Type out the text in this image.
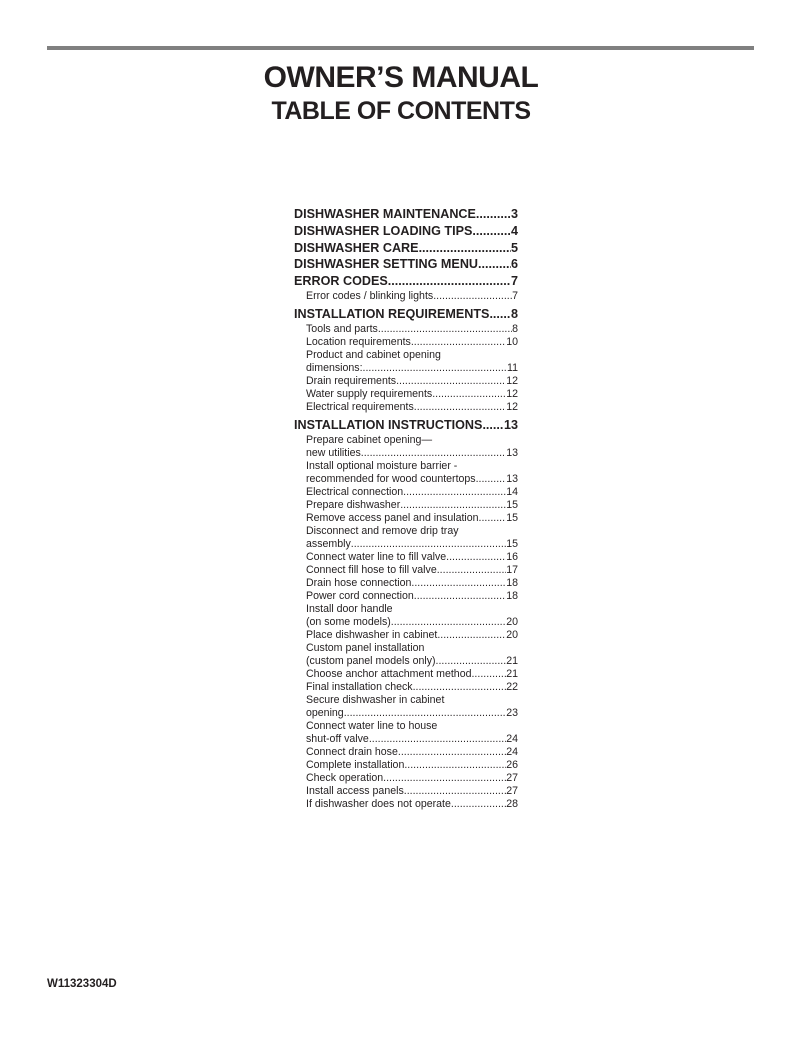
OWNER’S MANUAL
TABLE OF CONTENTS
DISHWASHER MAINTENANCE .....	3
DISHWASHER LOADING TIPS .....	4
DISHWASHER CARE .....	5
DISHWASHER SETTING MENU .....	6
ERROR CODES .....	7
Error codes / blinking lights .....	7
INSTALLATION REQUIREMENTS ..... 8
Tools and parts .....	8
Location requirements .....	10
Product and cabinet opening
dimensions: .....	11
Drain requirements .....	12
Water supply requirements .....	12
Electrical requirements .....	12
INSTALLATION INSTRUCTIONS ..... 13
Prepare cabinet opening—
new utilities .....	13
Install optional moisture barrier -
recommended for wood countertops .....	13
Electrical connection .....	14
Prepare dishwasher .....	15
Remove access panel and insulation .....	15
Disconnect and remove drip tray
assembly .....	15
Connect water line to fill valve .....	16
Connect fill hose to fill valve .....	17
Drain hose connection .....	18
Power cord connection .....	18
Install door handle
(on some models) .....	20
Place dishwasher in cabinet .....	20
Custom panel installation
(custom panel models only) .....	21
Choose anchor attachment method .....	21
Final installation check .....	22
Secure dishwasher in cabinet
opening .....	23
Connect water line to house
shut-off valve .....	24
Connect drain hose .....	24
Complete installation .....	26
Check operation .....	27
Install access panels .....	27
If dishwasher does not operate .....	28
W11323304D
